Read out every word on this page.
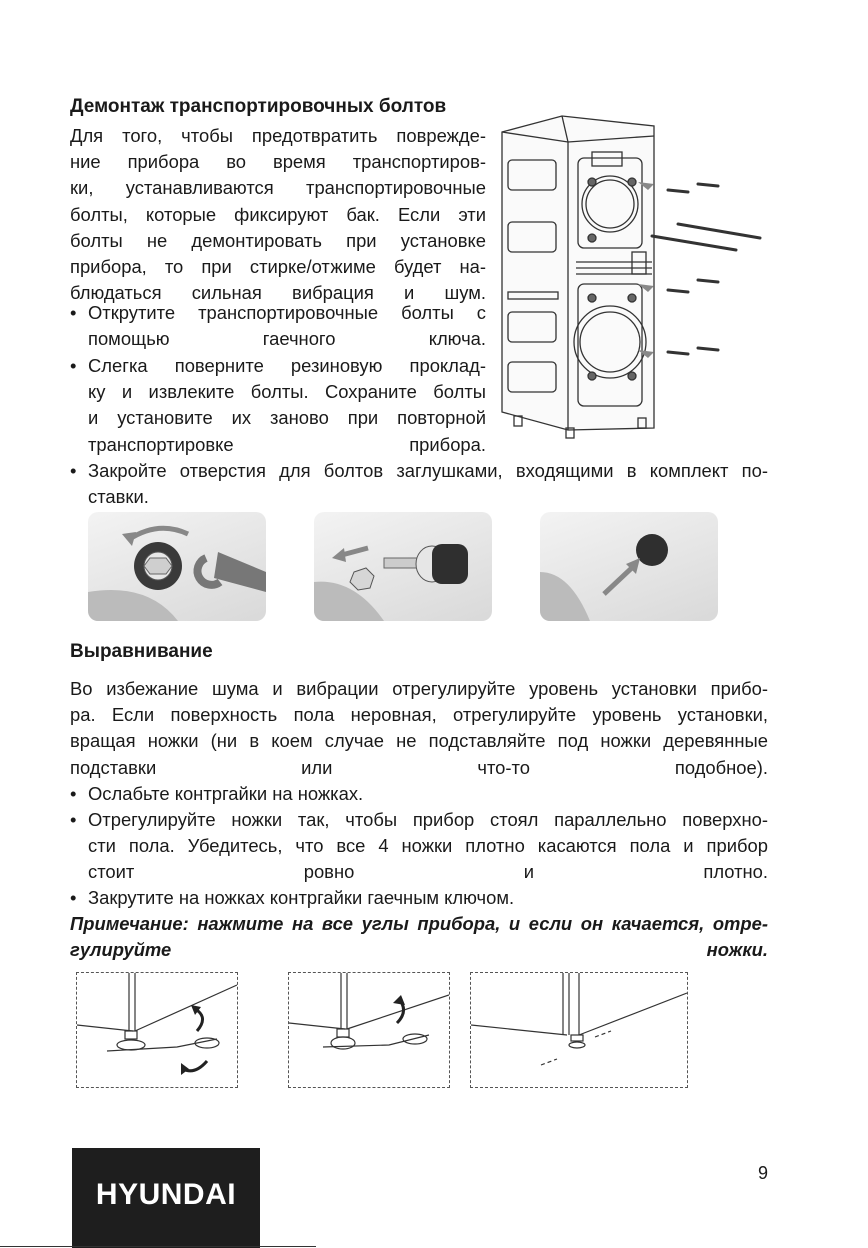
Демонтаж транспортировочных болтов
Для того, чтобы предотвратить поврежде-
ние прибора во время транспортиров-
ки, устанавливаются транспортировочные
болты, которые фиксируют бак. Если эти
болты не демонтировать при установке
прибора, то при стирке/отжиме будет на-
блюдаться сильная вибрация и шум.
• Открутите транспортировочные болты с
помощью гаечного ключа.
• Слегка поверните резиновую проклад-
ку и извлеките болты. Сохраните болты
и установите их заново при повторной
транспортировке прибора.
• Закройте отверстия для болтов заглушками, входящими в комплект по-
ставки.
Выравнивание
Во избежание шума и вибрации отрегулируйте уровень установки прибо-
ра. Если поверхность пола неровная, отрегулируйте уровень установки,
вращая ножки (ни в коем случае не подставляйте под ножки деревянные
подставки или что-то подобное).
• Ослабьте контргайки на ножках.
• Отрегулируйте ножки так, чтобы прибор стоял параллельно поверхно-
сти пола. Убедитесь, что все 4 ножки плотно касаются пола и прибор
стоит ровно и плотно.
• Закрутите на ножках контргайки гаечным ключом.
Примечание: нажмите на все углы прибора, и если он качается, отре-
гулируйте ножки.
HYUNDAI
9
